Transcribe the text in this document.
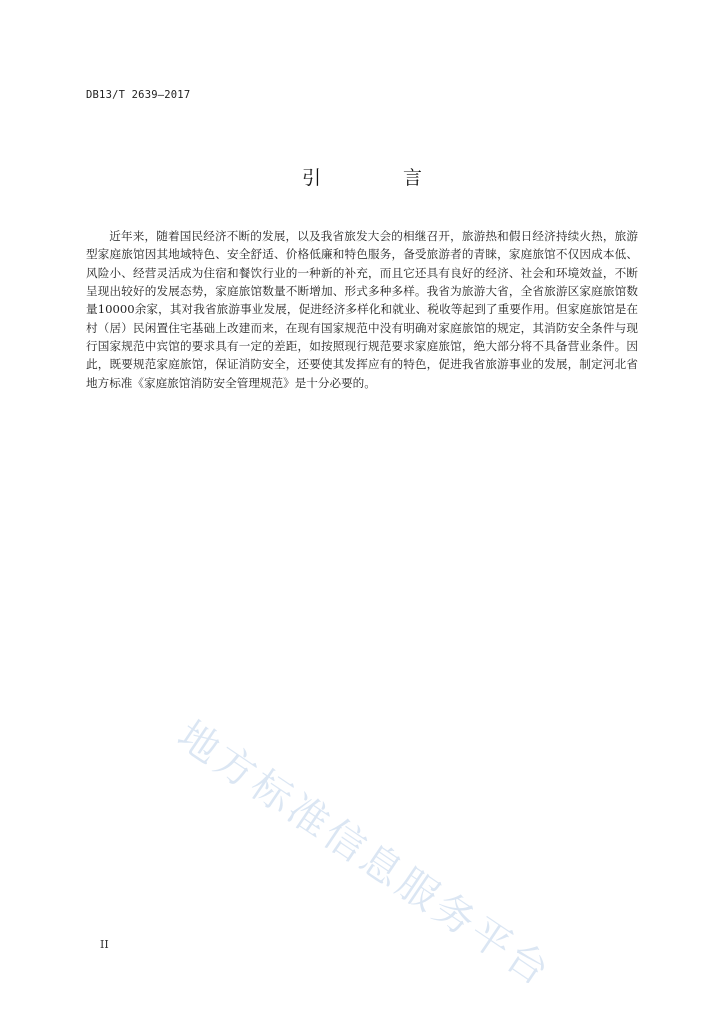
DB13/T 2639—2017
引 言

近年来，随着国民经济不断的发展，以及我省旅发大会的相继召开，旅游热和假日经济持续火热，旅游型家庭旅馆因其地域特色、安全舒适、价格低廉和特色服务，备受旅游者的青睐，家庭旅馆不仅因成本低、风险小、经营灵活成为住宿和餐饮行业的一种新的补充，而且它还具有良好的经济、社会和环境效益，不断呈现出较好的发展态势，家庭旅馆数量不断增加、形式多种多样。我省为旅游大省，全省旅游区家庭旅馆数量10000余家，其对我省旅游事业发展，促进经济多样化和就业、税收等起到了重要作用。但家庭旅馆是在村（居）民闲置住宅基础上改建而来，在现有国家规范中没有明确对家庭旅馆的规定，其消防安全条件与现行国家规范中宾馆的要求具有一定的差距，如按照现行规范要求家庭旅馆，绝大部分将不具备营业条件。因此，既要规范家庭旅馆，保证消防安全，还要使其发挥应有的特色，促进我省旅游事业的发展，制定河北省地方标准《家庭旅馆消防安全管理规范》是十分必要的。

地方标准信息服务平台
II
